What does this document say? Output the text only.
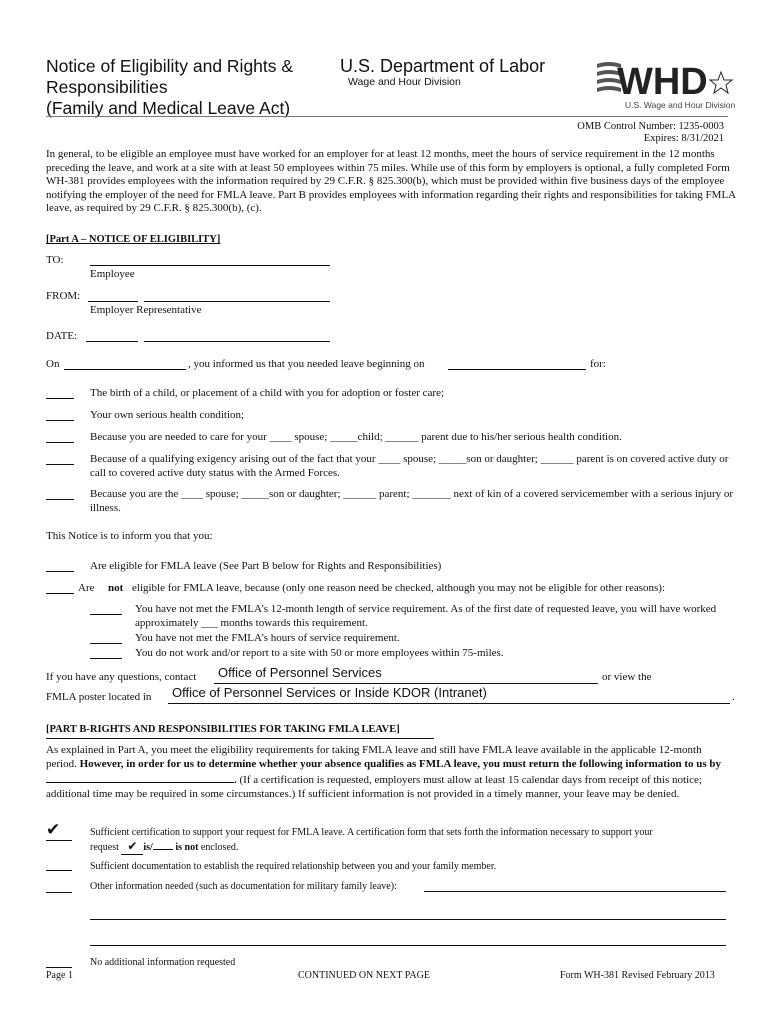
Notice of Eligibility and Rights &
Responsibilities
(Family and Medical Leave Act)
U.S. Department of Labor
Wage and Hour Division	WHD
U.S. Wage and Hour Division
OMB Control Number: 1235-0003
Expires: 8/31/2021
In general, to be eligible an employee must have worked for an employer for at least 12 months, meet the hours of service requirement in the 12 months preceding the leave, and work at a site with at least 50 employees within 75 miles. While use of this form by employers is optional, a fully completed Form WH-381 provides employees with the information required by 29 C.F.R. § 825.300(b), which must be provided within five business days of the employee notifying the employer of the need for FMLA leave. Part B provides employees with information regarding their rights and responsibilities for taking FMLA leave, as required by 29 C.F.R. § 825.300(b), (c).
[Part A – NOTICE OF ELIGIBILITY]
TO:
Employee
FROM:
Employer Representative
DATE:
On	, you informed us that you needed leave beginning on	for:
The birth of a child, or placement of a child with you for adoption or foster care;
Your own serious health condition;
Because you are needed to care for your ____ spouse; _____child; ______ parent due to his/her serious health condition.
Because of a qualifying exigency arising out of the fact that your ____ spouse; _____son or daughter; ______ parent is on covered active duty or call to covered active duty status with the Armed Forces.
Because you are the ____ spouse; _____son or daughter; ______ parent; _______ next of kin of a covered servicemember with a serious injury or illness.
This Notice is to inform you that you:
Are eligible for FMLA leave (See Part B below for Rights and Responsibilities)
Are not eligible for FMLA leave, because (only one reason need be checked, although you may not be eligible for other reasons):
You have not met the FMLA’s 12-month length of service requirement. As of the first date of requested leave, you will have worked approximately ___ months towards this requirement.
You have not met the FMLA’s hours of service requirement.
You do not work and/or report to a site with 50 or more employees within 75-miles.
If you have any questions, contact Office of Personnel Services	or view the
FMLA poster located in Office of Personnel Services or Inside KDOR (Intranet)	.
[PART B-RIGHTS AND RESPONSIBILITIES FOR TAKING FMLA LEAVE]
As explained in Part A, you meet the eligibility requirements for taking FMLA leave and still have FMLA leave available in the applicable 12-month period. However, in order for us to determine whether your absence qualifies as FMLA leave, you must return the following information to us by . (If a certification is requested, employers must allow at least 15 calendar days from receipt of this notice; additional time may be required in some circumstances.) If sufficient information is not provided in a timely manner, your leave may be denied.
✔	Sufficient certification to support your request for FMLA leave. A certification form that sets forth the information necessary to support your
request ✔ is/ is not enclosed.
Sufficient documentation to establish the required relationship between you and your family member.
Other information needed (such as documentation for military family leave):
No additional information requested
Page 1	CONTINUED ON NEXT PAGE	Form WH-381 Revised February 2013
